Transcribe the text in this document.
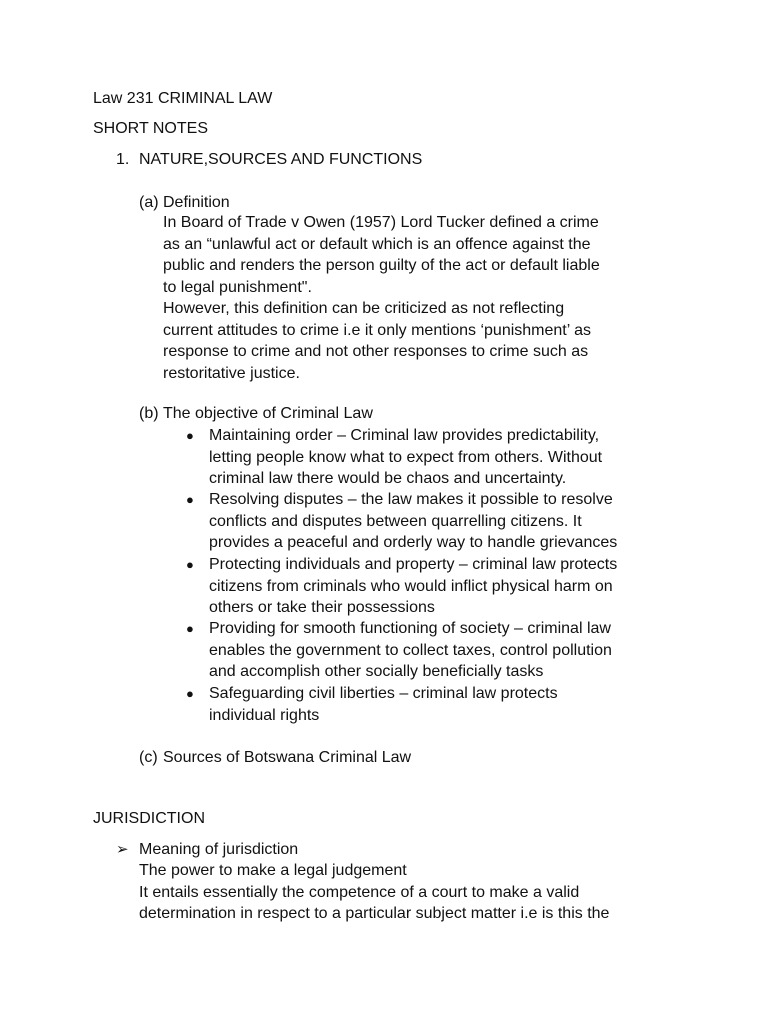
Law 231 CRIMINAL LAW
SHORT NOTES
1. NATURE,SOURCES AND FUNCTIONS
(a) Definition
In Board of Trade v Owen (1957) Lord Tucker defined a crime
as an “unlawful act or default which is an offence against the
public and renders the person guilty of the act or default liable
to legal punishment".
However, this definition can be criticized as not reflecting
current attitudes to crime i.e it only mentions ‘punishment’ as
response to crime and not other responses to crime such as
restoritative justice.
(b) The objective of Criminal Law
● Maintaining order – Criminal law provides predictability,
letting people know what to expect from others. Without
criminal law there would be chaos and uncertainty.
● Resolving disputes – the law makes it possible to resolve
conflicts and disputes between quarrelling citizens. It
provides a peaceful and orderly way to handle grievances
● Protecting individuals and property – criminal law protects
citizens from criminals who would inflict physical harm on
others or take their possessions
● Providing for smooth functioning of society – criminal law
enables the government to collect taxes, control pollution
and accomplish other socially beneficially tasks
● Safeguarding civil liberties – criminal law protects
individual rights
(c) Sources of Botswana Criminal Law
JURISDICTION
➢ Meaning of jurisdiction
The power to make a legal judgement
It entails essentially the competence of a court to make a valid
determination in respect to a particular subject matter i.e is this the
